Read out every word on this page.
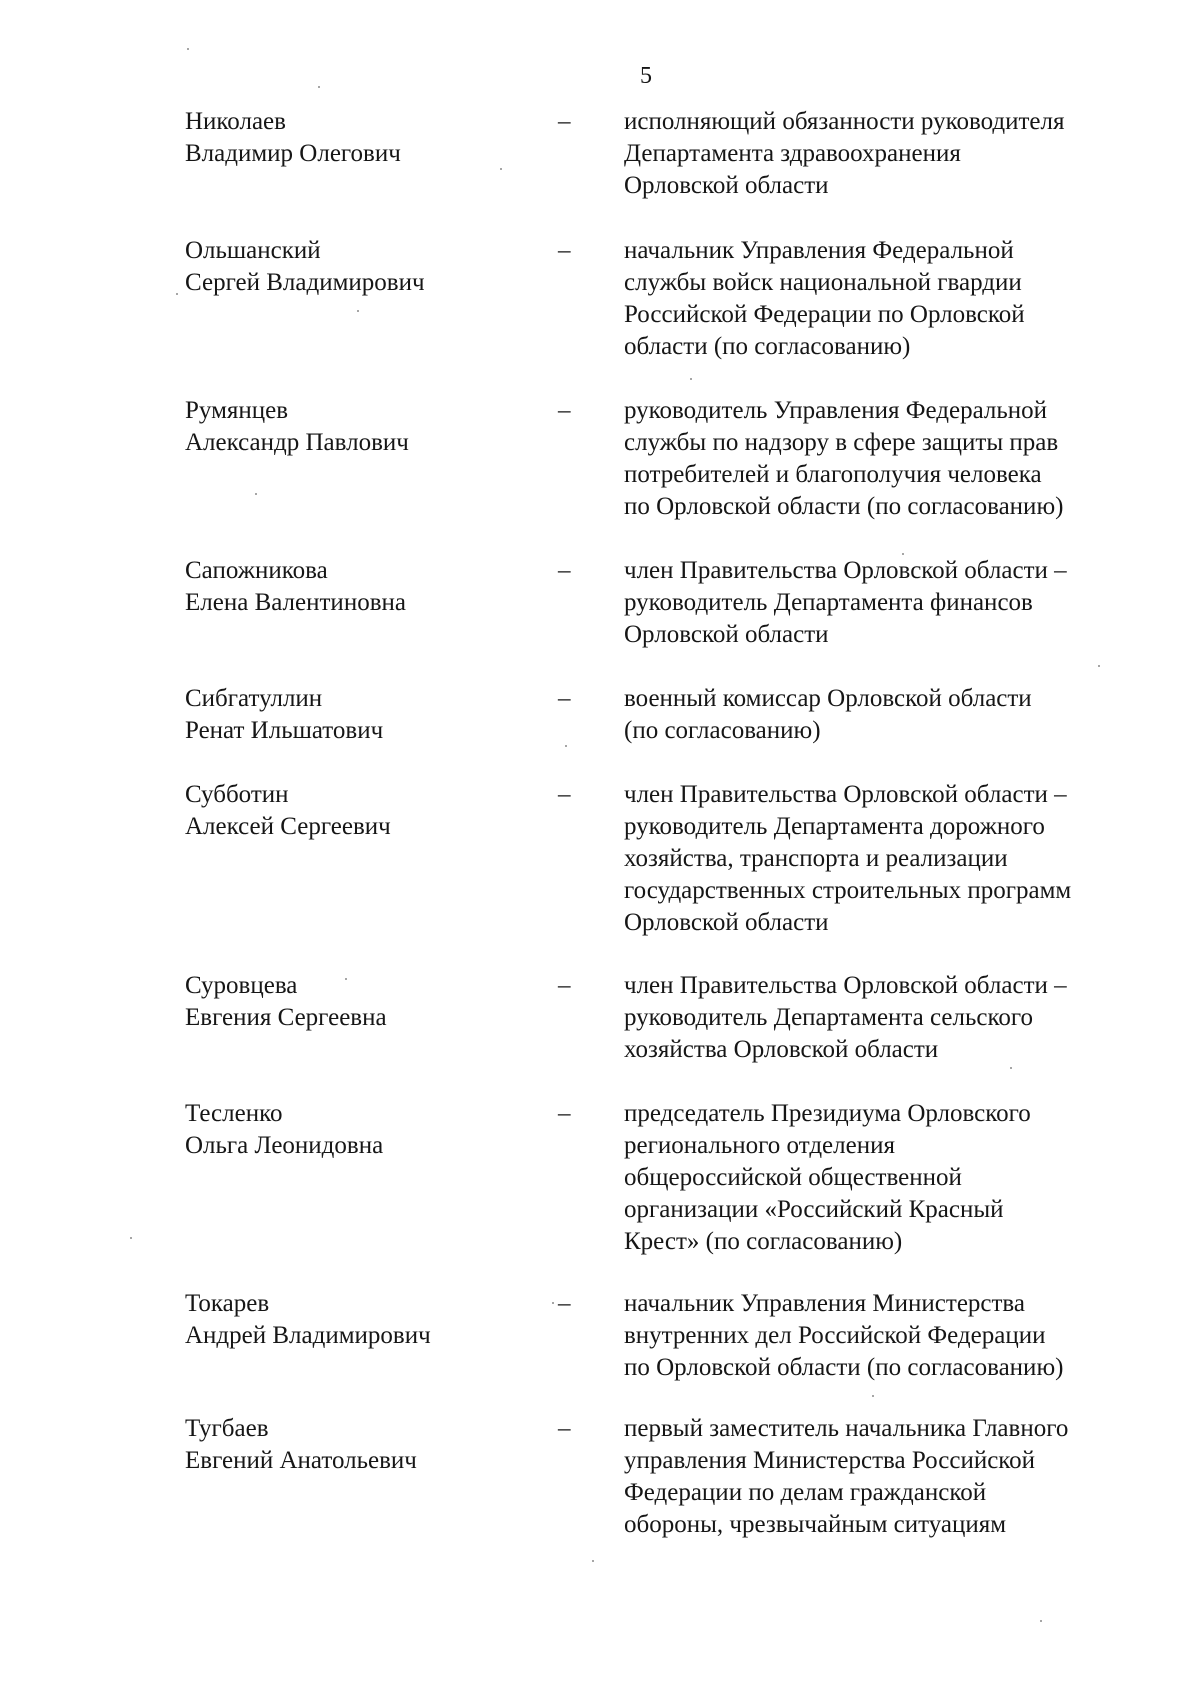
5
Николаев
Владимир Олегович
– исполняющий обязанности руководителя
Департамента здравоохранения
Орловской области
Ольшанский
Сергей Владимирович
– начальник Управления Федеральной
службы войск национальной гвардии
Российской Федерации по Орловской
области (по согласованию)
Румянцев
Александр Павлович
– руководитель Управления Федеральной
службы по надзору в сфере защиты прав
потребителей и благополучия человека
по Орловской области (по согласованию)
Сапожникова
Елена Валентиновна
– член Правительства Орловской области –
руководитель Департамента финансов
Орловской области
Сибгатуллин
Ренат Ильшатович
– военный комиссар Орловской области
(по согласованию)
Субботин
Алексей Сергеевич
– член Правительства Орловской области –
руководитель Департамента дорожного
хозяйства, транспорта и реализации
государственных строительных программ
Орловской области
Суровцева
Евгения Сергеевна
– член Правительства Орловской области –
руководитель Департамента сельского
хозяйства Орловской области
Тесленко
Ольга Леонидовна
– председатель Президиума Орловского
регионального отделения
общероссийской общественной
организации «Российский Красный
Крест» (по согласованию)
Токарев
Андрей Владимирович
– начальник Управления Министерства
внутренних дел Российской Федерации
по Орловской области (по согласованию)
Тугбаев
Евгений Анатольевич
– первый заместитель начальника Главного
управления Министерства Российской
Федерации по делам гражданской
обороны, чрезвычайным ситуациям
